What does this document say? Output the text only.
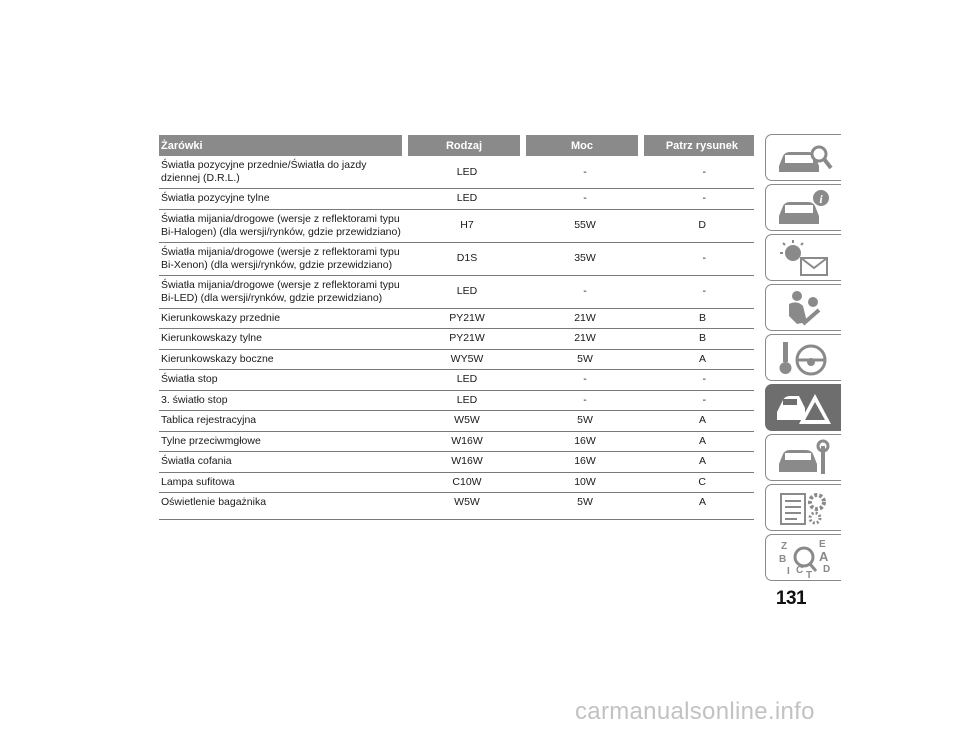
Żarówki	Rodzaj	Moc	Patrz rysunek
Światła pozycyjne przednie/Światła do jazdy
dziennej (D.R.L.)
LED	-	-
Światła pozycyjne tylne	LED	-	-
Światła mijania/drogowe (wersje z reflektorami typu
Bi-Halogen) (dla wersji/rynków, gdzie przewidziano)
H7	55W	D
Światła mijania/drogowe (wersje z reflektorami typu
Bi-Xenon) (dla wersji/rynków, gdzie przewidziano)
D1S	35W	-
Światła mijania/drogowe (wersje z reflektorami typu
Bi-LED) (dla wersji/rynków, gdzie przewidziano)
LED	-	-
Kierunkowskazy przednie	PY21W	21W	B
Kierunkowskazy tylne	PY21W	21W	B
Kierunkowskazy boczne	WY5W	5W	A
Światła stop	LED	-	-
3. światło stop	LED	-	-
Tablica rejestracyjna	W5W	5W	A
Tylne przeciwmgłowe	W16W	16W	A
Światła cofania	W16W	16W	A
Lampa sufitowa	C10W	10W	C
Oświetlenie bagażnika	W5W	5W	A
i
Z	E
B	A
I C D
T
131
carmanualsonline.info
